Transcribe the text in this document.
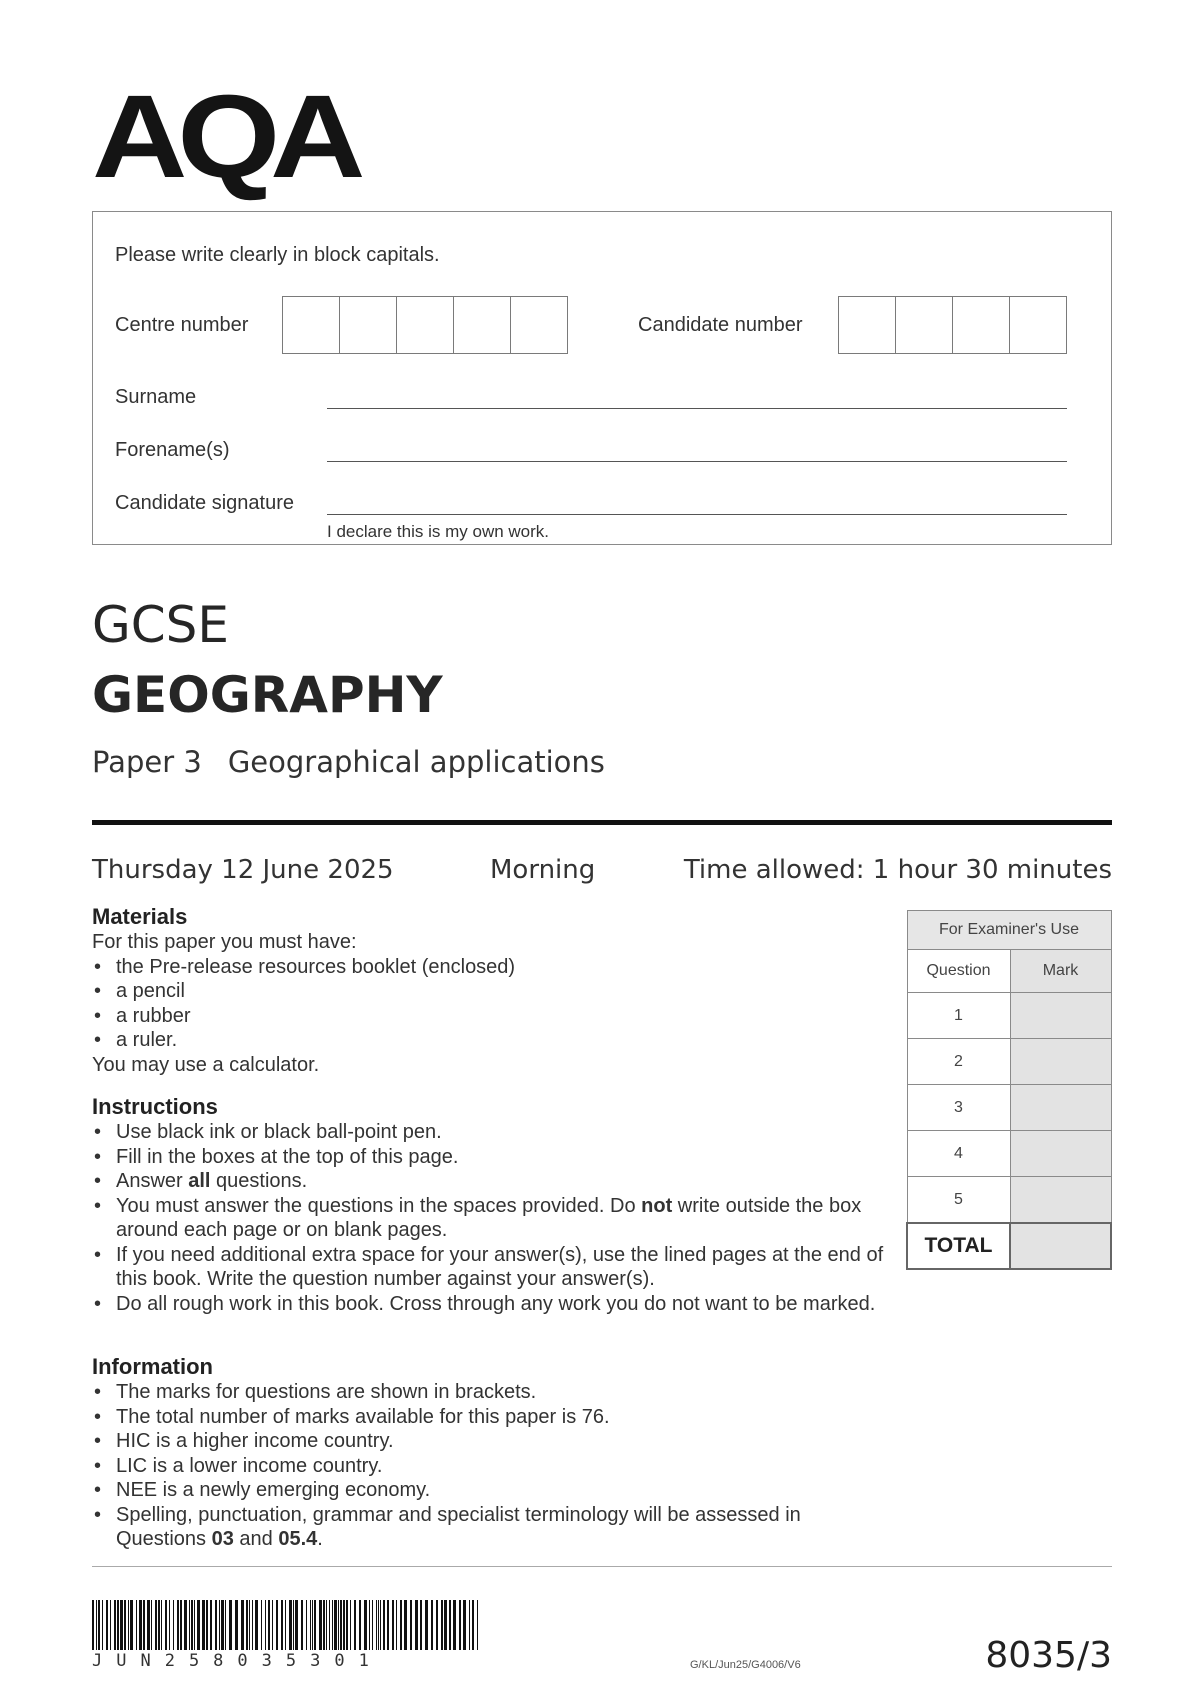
AQA
Please write clearly in block capitals.
Centre number	Candidate number
Surname
Forename(s)
Candidate signature
I declare this is my own work.
GCSE
GEOGRAPHY
Paper 3 Geographical applications
Thursday 12 June 2025	Morning	Time allowed: 1 hour 30 minutes
Materials
For this paper you must have:
• the Pre-release resources booklet (enclosed)
• a pencil
• a rubber
• a ruler.
You may use a calculator.
Instructions
• Use black ink or black ball-point pen.
• Fill in the boxes at the top of this page.
• Answer all questions.
• You must answer the questions in the spaces provided. Do not write outside the box around each page or on blank pages.
• If you need additional extra space for your answer(s), use the lined pages at the end of this book. Write the question number against your answer(s).
• Do all rough work in this book. Cross through any work you do not want to be marked.
Information
• The marks for questions are shown in brackets.
• The total number of marks available for this paper is 76.
• HIC is a higher income country.
• LIC is a lower income country.
• NEE is a newly emerging economy.
• Spelling, punctuation, grammar and specialist terminology will be assessed in Questions 03 and 05.4.
For Examiner's Use	
Question	Mark
1	
2	
3	
4	
5	
TOTAL	
JUN258035301	G/KL/Jun25/G4006/V6	8035/3
